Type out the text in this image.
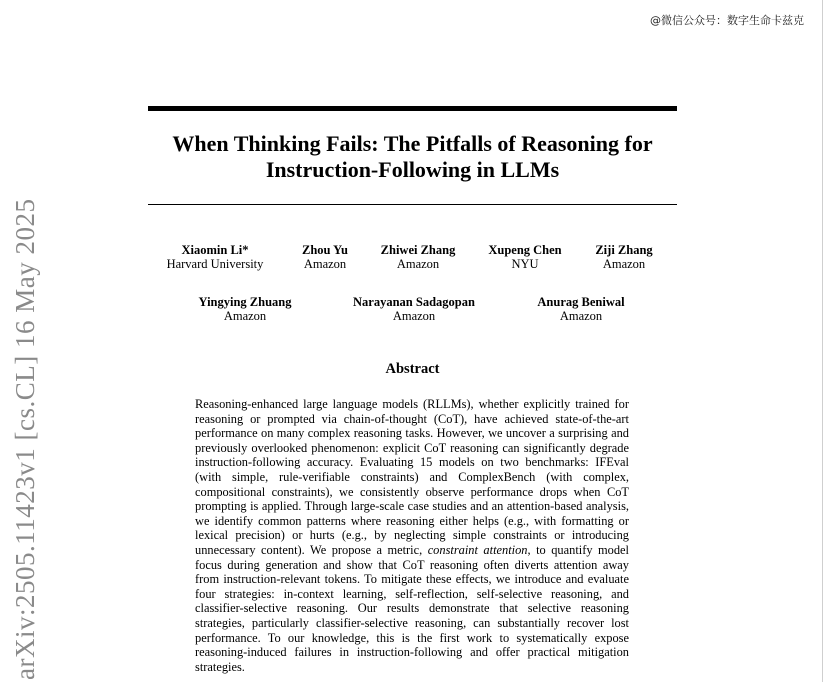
@微信公众号：数字生命卡兹克
arXiv:2505.11423v1 [cs.CL] 16 May 2025
When Thinking Fails: The Pitfalls of Reasoning for
Instruction-Following in LLMs
Xiaomin Li*
Harvard University
Zhou Yu
Amazon
Zhiwei Zhang
Amazon
Xupeng Chen
NYU
Ziji Zhang
Amazon
Yingying Zhuang
Amazon
Narayanan Sadagopan
Amazon
Anurag Beniwal
Amazon
Abstract
Reasoning-enhanced large language models (RLLMs), whether explicitly trained for reasoning or prompted via chain-of-thought (CoT), have achieved state-of-the-art performance on many complex reasoning tasks. However, we uncover a surprising and previously overlooked phenomenon: explicit CoT reasoning can significantly degrade instruction-following accuracy. Evaluating 15 models on two benchmarks: IFEval (with simple, rule-verifiable constraints) and ComplexBench (with complex, compositional constraints), we consistently observe performance drops when CoT prompting is applied. Through large-scale case studies and an attention-based analysis, we identify common patterns where reasoning either helps (e.g., with formatting or lexical precision) or hurts (e.g., by neglecting simple constraints or introducing unnecessary content). We propose a metric, constraint attention, to quantify model focus during generation and show that CoT reasoning often diverts attention away from instruction-relevant tokens. To mitigate these effects, we introduce and evaluate four strategies: in-context learning, self-reflection, self-selective reasoning, and classifier-selective reasoning. Our results demonstrate that selective reasoning strategies, particularly classifier-selective reasoning, can substantially recover lost performance. To our knowledge, this is the first work to systematically expose reasoning-induced failures in instruction-following and offer practical mitigation strategies.
